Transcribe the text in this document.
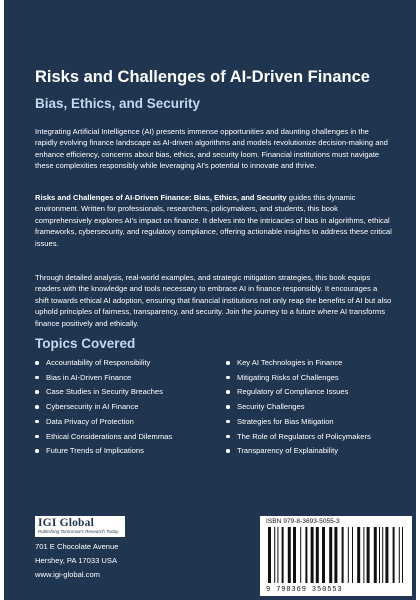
Risks and Challenges of AI-Driven Finance
Bias, Ethics, and Security

Integrating Artificial Intelligence (AI) presents immense opportunities and daunting challenges in the rapidly evolving finance landscape as AI-driven algorithms and models revolutionize decision-making and enhance efficiency, concerns about bias, ethics, and security loom. Financial institutions must navigate these complexities responsibly while leveraging AI's potential to innovate and thrive.

Risks and Challenges of AI-Driven Finance: Bias, Ethics, and Security guides this dynamic environment. Written for professionals, researchers, policymakers, and students, this book comprehensively explores AI's impact on finance. It delves into the intricacies of bias in algorithms, ethical frameworks, cybersecurity, and regulatory compliance, offering actionable insights to address these critical issues.

Through detailed analysis, real-world examples, and strategic mitigation strategies, this book equips readers with the knowledge and tools necessary to embrace AI in finance responsibly. It encourages a shift towards ethical AI adoption, ensuring that financial institutions not only reap the benefits of AI but also uphold principles of fairness, transparency, and security. Join the journey to a future where AI transforms finance positively and ethically.

Topics Covered
Accountability of Responsibility
Bias in AI-Driven Finance
Case Studies in Security Breaches
Cybersecurity in AI Finance
Data Privacy of Protection
Ethical Considerations and Dilemmas
Future Trends of Implications
Key AI Technologies in Finance
Mitigating Risks of Challenges
Regulatory of Compliance Issues
Security Challenges
Strategies for Bias Mitigation
The Role of Regulators of Policymakers
Transparency of Explainability
IGI Global
Publishing Tomorrow's Research Today
701 E Chocolate Avenue
Hershey, PA 17033 USA
www.igi-global.com
ISBN 979-8-3693-5055-3
9 798369 350553
